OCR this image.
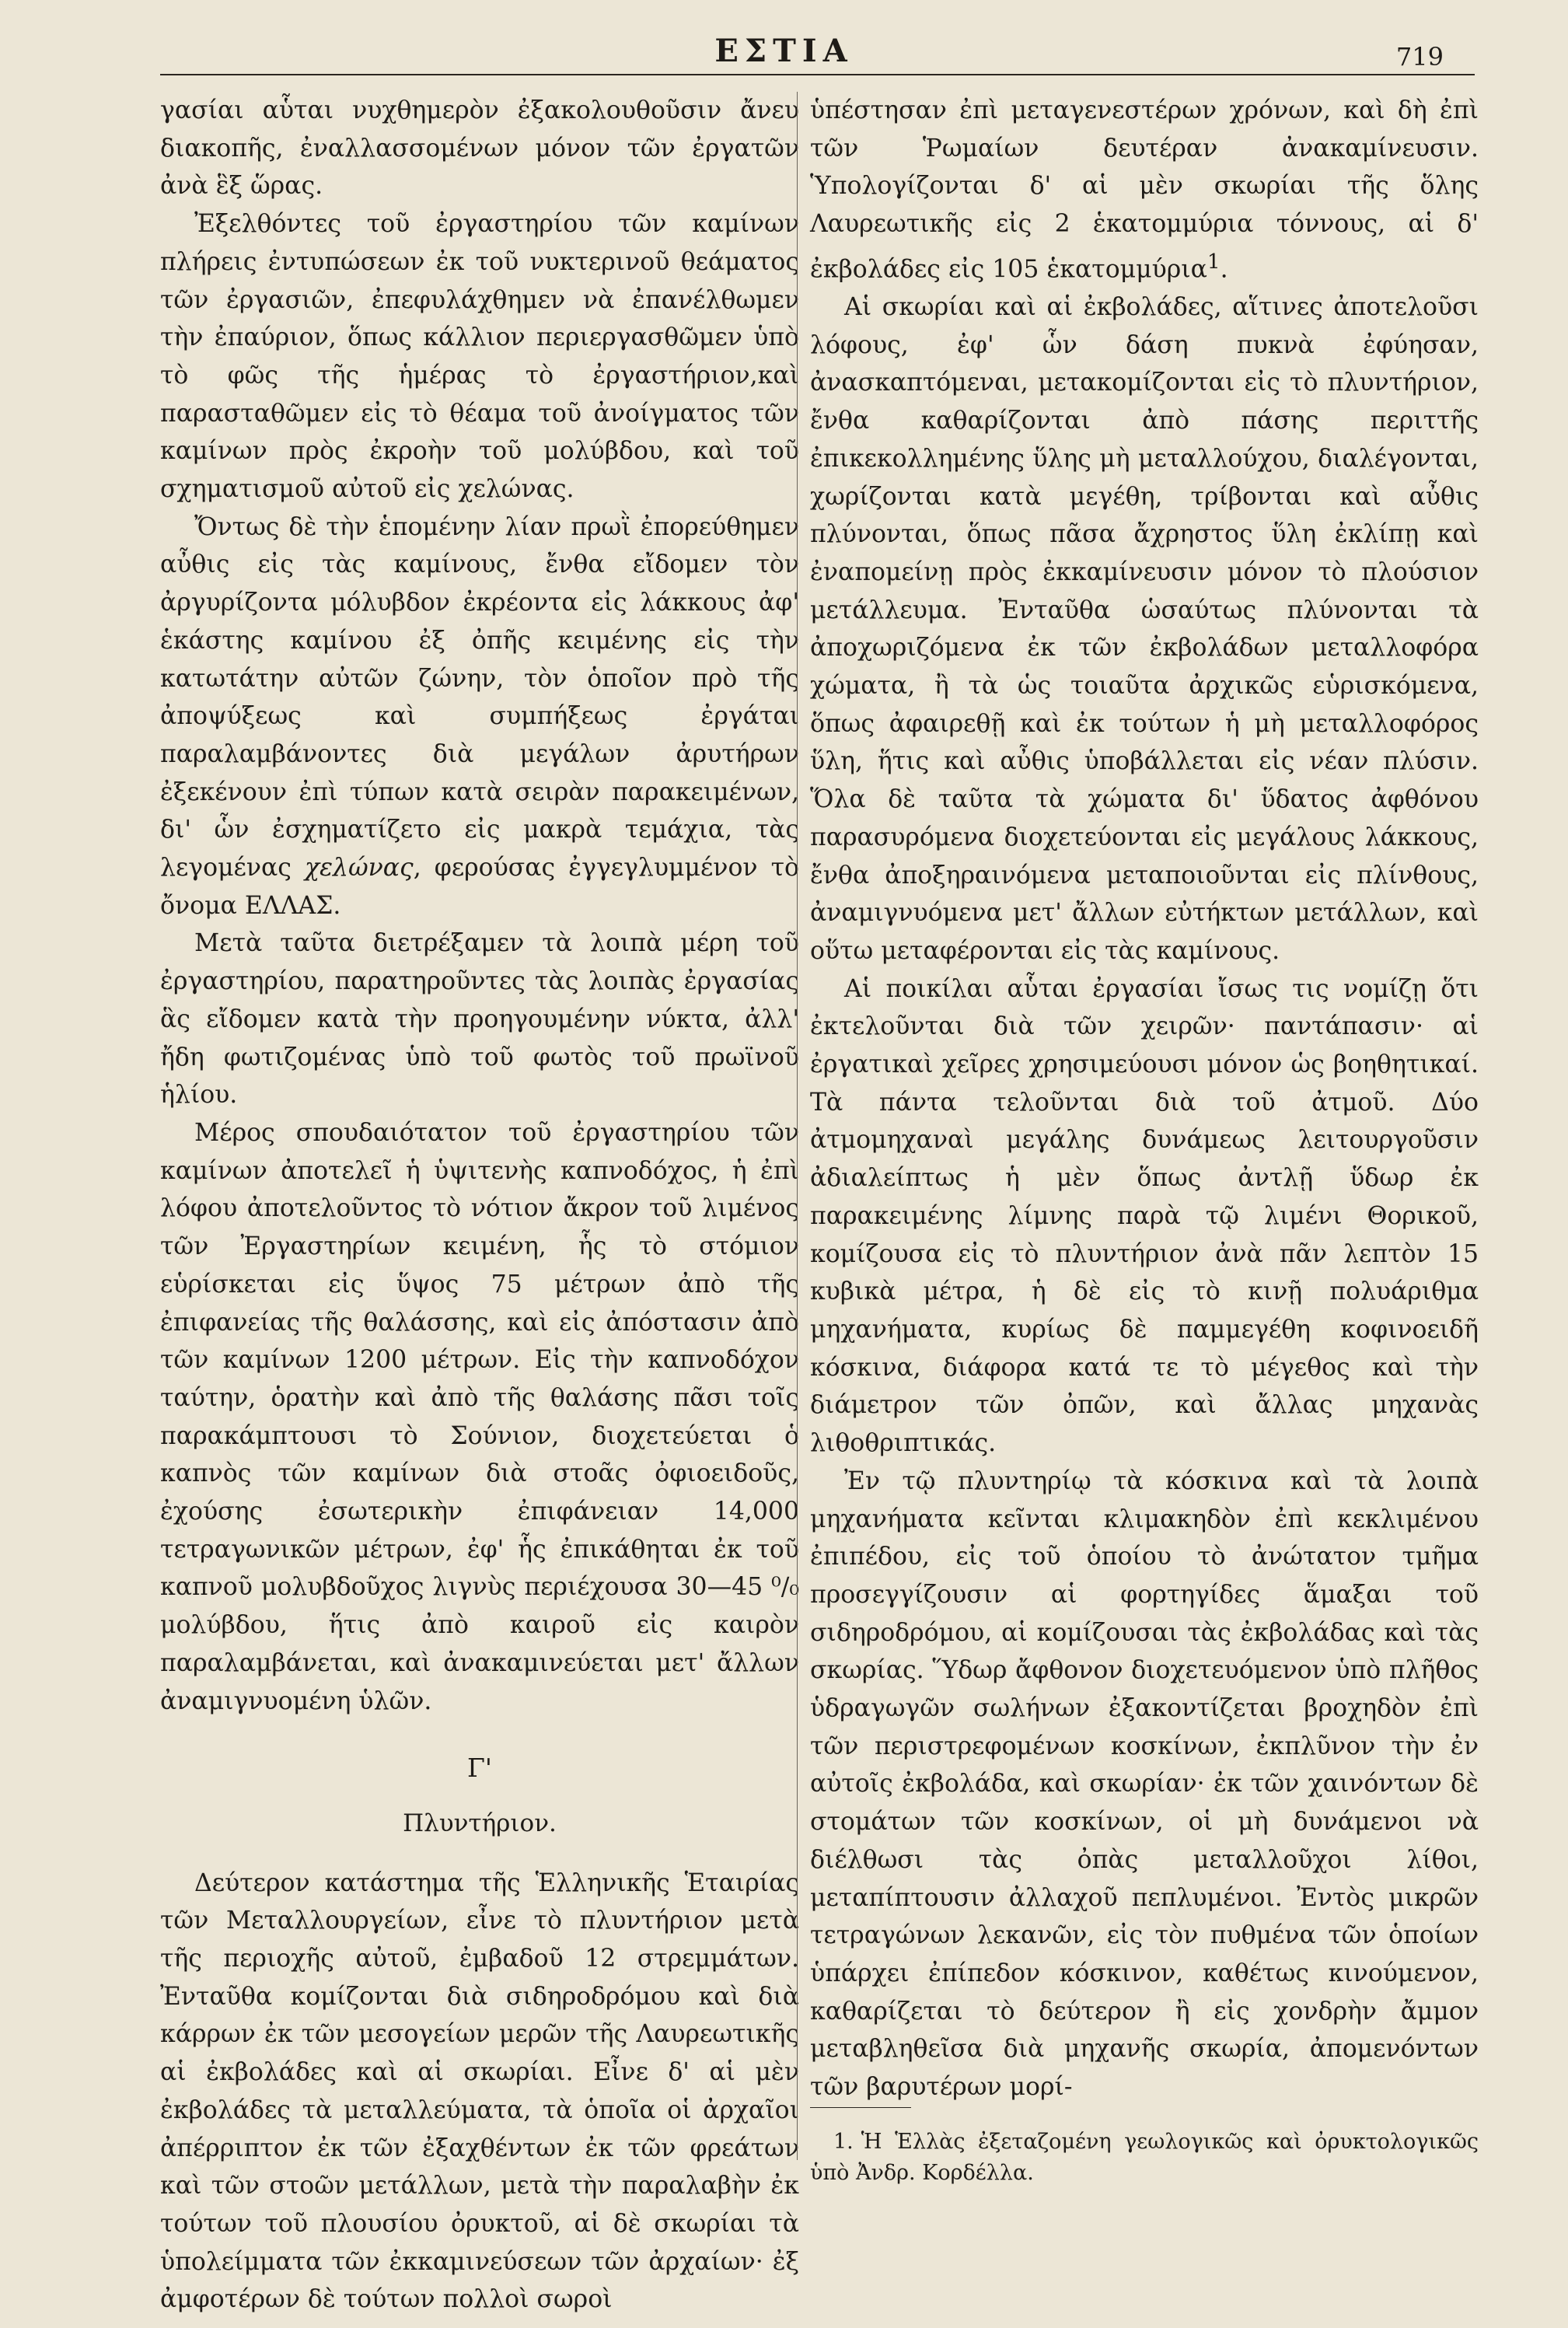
ΕΣΤΙΑ	719

γασίαι αὗται νυχθημερὸν ἐξακολουθοῦσιν ἄνευ διακοπῆς, ἐναλλασσομένων μόνον τῶν ἐργατῶν ἀνὰ ἓξ ὥρας.

Ἐξελθόντες τοῦ ἐργαστηρίου τῶν καμίνων πλήρεις ἐντυπώσεων ἐκ τοῦ νυκτερινοῦ θεάματος τῶν ἐργασιῶν, ἐπεφυλάχθημεν νὰ ἐπανέλθωμεν τὴν ἐπαύριον, ὅπως κάλλιον περιεργασθῶμεν ὑπὸ τὸ φῶς τῆς ἡμέρας τὸ ἐργαστήριον,καὶ παρασταθῶμεν εἰς τὸ θέαμα τοῦ ἀνοίγματος τῶν καμίνων πρὸς ἐκροὴν τοῦ μολύβδου, καὶ τοῦ σχηματισμοῦ αὐτοῦ εἰς χελώνας.

Ὄντως δὲ τὴν ἑπομένην λίαν πρωῒ ἐπορεύθημεν αὖθις εἰς τὰς καμίνους, ἔνθα εἴδομεν τὸν ἀργυρίζοντα μόλυβδον ἐκρέοντα εἰς λάκκους ἀφ' ἑκάστης καμίνου ἐξ ὀπῆς κειμένης εἰς τὴν κατωτάτην αὐτῶν ζώνην, τὸν ὁποῖον πρὸ τῆς ἀποψύξεως καὶ συμπήξεως ἐργάται παραλαμβάνοντες διὰ μεγάλων ἀρυτήρων ἐξεκένουν ἐπὶ τύπων κατὰ σειρὰν παρακειμένων, δι' ὧν ἐσχηματίζετο εἰς μακρὰ τεμάχια, τὰς λεγομένας χελώνας, φερούσας ἐγγεγλυμμένον τὸ ὄνομα ΕΛΛΑΣ.

Μετὰ ταῦτα διετρέξαμεν τὰ λοιπὰ μέρη τοῦ ἐργαστηρίου, παρατηροῦντες τὰς λοιπὰς ἐργασίας ἃς εἴδομεν κατὰ τὴν προηγουμένην νύκτα, ἀλλ' ἤδη φωτιζομένας ὑπὸ τοῦ φωτὸς τοῦ πρωϊνοῦ ἡλίου.

Μέρος σπουδαιότατον τοῦ ἐργαστηρίου τῶν καμίνων ἀποτελεῖ ἡ ὑψιτενὴς καπνοδόχος, ἡ ἐπὶ λόφου ἀποτελοῦντος τὸ νότιον ἄκρον τοῦ λιμένος τῶν Ἐργαστηρίων κειμένη, ἧς τὸ στόμιον εὑρίσκεται εἰς ὕψος 75 μέτρων ἀπὸ τῆς ἐπιφανείας τῆς θαλάσσης, καὶ εἰς ἀπόστασιν ἀπὸ τῶν καμίνων 1200 μέτρων. Εἰς τὴν καπνοδόχον ταύτην, ὁρατὴν καὶ ἀπὸ τῆς θαλάσης πᾶσι τοῖς παρακάμπτουσι τὸ Σούνιον, διοχετεύεται ὁ καπνὸς τῶν καμίνων διὰ στοᾶς ὀφιοειδοῦς, ἐχούσης ἐσωτερικὴν ἐπιφάνειαν 14,000 τετραγωνικῶν μέτρων, ἐφ' ἧς ἐπικάθηται ἐκ τοῦ καπνοῦ μολυβδοῦχος λιγνὺς περιέχουσα 30—45 ⁰/₀ μολύβδου, ἥτις ἀπὸ καιροῦ εἰς καιρὸν παραλαμβάνεται, καὶ ἀνακαμινεύεται μετ' ἄλλων ἀναμιγνυομένη ὑλῶν.

Γ'
Πλυντήριον.

Δεύτερον κατάστημα τῆς Ἑλληνικῆς Ἑταιρίας τῶν Μεταλλουργείων, εἶνε τὸ πλυντήριον μετὰ τῆς περιοχῆς αὐτοῦ, ἐμβαδοῦ 12 στρεμμάτων. Ἐνταῦθα κομίζονται διὰ σιδηροδρόμου καὶ διὰ κάρρων ἐκ τῶν μεσογείων μερῶν τῆς Λαυρεωτικῆς αἱ ἐκβολάδες καὶ αἱ σκωρίαι. Εἶνε δ' αἱ μὲν ἐκβολάδες τὰ μεταλλεύματα, τὰ ὁποῖα οἱ ἀρχαῖοι ἀπέρριπτον ἐκ τῶν ἐξαχθέντων ἐκ τῶν φρεάτων καὶ τῶν στοῶν μετάλλων, μετὰ τὴν παραλαβὴν ἐκ τούτων τοῦ πλουσίου ὀρυκτοῦ, αἱ δὲ σκωρίαι τὰ ὑπολείμματα τῶν ἐκκαμινεύσεων τῶν ἀρχαίων· ἐξ ἀμφοτέρων δὲ τούτων πολλοὶ σωροὶ

ὑπέστησαν ἐπὶ μεταγενεστέρων χρόνων, καὶ δὴ ἐπὶ τῶν Ῥωμαίων δευτέραν ἀνακαμίνευσιν. Ὑπολογίζονται δ' αἱ μὲν σκωρίαι τῆς ὅλης Λαυρεωτικῆς εἰς 2 ἑκατομμύρια τόννους, αἱ δ' ἐκβολάδες εἰς 105 ἑκατομμύρια$^1$.

Αἱ σκωρίαι καὶ αἱ ἐκβολάδες, αἵτινες ἀποτελοῦσι λόφους, ἐφ' ὧν δάση πυκνὰ ἐφύησαν, ἀνασκαπτόμεναι, μετακομίζονται εἰς τὸ πλυντήριον, ἔνθα καθαρίζονται ἀπὸ πάσης περιττῆς ἐπικεκολλημένης ὕλης μὴ μεταλλούχου, διαλέγονται, χωρίζονται κατὰ μεγέθη, τρίβονται καὶ αὖθις πλύνονται, ὅπως πᾶσα ἄχρηστος ὕλη ἐκλίπῃ καὶ ἐναπομείνῃ πρὸς ἐκκαμίνευσιν μόνον τὸ πλούσιον μετάλλευμα. Ἐνταῦθα ὡσαύτως πλύνονται τὰ ἀποχωριζόμενα ἐκ τῶν ἐκβολάδων μεταλλοφόρα χώματα, ἢ τὰ ὡς τοιαῦτα ἀρχικῶς εὑρισκόμενα, ὅπως ἀφαιρεθῇ καὶ ἐκ τούτων ἡ μὴ μεταλλοφόρος ὕλη, ἥτις καὶ αὖθις ὑποβάλλεται εἰς νέαν πλύσιν. Ὅλα δὲ ταῦτα τὰ χώματα δι' ὕδατος ἀφθόνου παρασυρόμενα διοχετεύονται εἰς μεγάλους λάκκους, ἔνθα ἀποξηραινόμενα μεταποιοῦνται εἰς πλίνθους, ἀναμιγνυόμενα μετ' ἄλλων εὐτήκτων μετάλλων, καὶ οὕτω μεταφέρονται εἰς τὰς καμίνους.

Αἱ ποικίλαι αὗται ἐργασίαι ἴσως τις νομίζῃ ὅτι ἐκτελοῦνται διὰ τῶν χειρῶν· παντάπασιν· αἱ ἐργατικαὶ χεῖρες χρησιμεύουσι μόνον ὡς βοηθητικαί. Τὰ πάντα τελοῦνται διὰ τοῦ ἀτμοῦ. Δύο ἀτμομηχαναὶ μεγάλης δυνάμεως λειτουργοῦσιν ἀδιαλείπτως ἡ μὲν ὅπως ἀντλῇ ὕδωρ ἐκ παρακειμένης λίμνης παρὰ τῷ λιμένι Θορικοῦ, κομίζουσα εἰς τὸ πλυντήριον ἀνὰ πᾶν λεπτὸν 15 κυβικὰ μέτρα, ἡ δὲ εἰς τὸ κινῇ πολυάριθμα μηχανήματα, κυρίως δὲ παμμεγέθη κοφινοειδῆ κόσκινα, διάφορα κατά τε τὸ μέγεθος καὶ τὴν διάμετρον τῶν ὀπῶν, καὶ ἄλλας μηχανὰς λιθοθριπτικάς.

Ἐν τῷ πλυντηρίῳ τὰ κόσκινα καὶ τὰ λοιπὰ μηχανήματα κεῖνται κλιμακηδὸν ἐπὶ κεκλιμένου ἐπιπέδου, εἰς τοῦ ὁποίου τὸ ἀνώτατον τμῆμα προσεγγίζουσιν αἱ φορτηγίδες ἅμαξαι τοῦ σιδηροδρόμου, αἱ κομίζουσαι τὰς ἐκβολάδας καὶ τὰς σκωρίας. Ὕδωρ ἄφθονον διοχετευόμενον ὑπὸ πλῆθος ὑδραγωγῶν σωλήνων ἐξακοντίζεται βροχηδὸν ἐπὶ τῶν περιστρεφομένων κοσκίνων, ἐκπλῦνον τὴν ἐν αὐτοῖς ἐκβολάδα, καὶ σκωρίαν· ἐκ τῶν χαινόντων δὲ στομάτων τῶν κοσκίνων, οἱ μὴ δυνάμενοι νὰ διέλθωσι τὰς ὀπὰς μεταλλοῦχοι λίθοι, μεταπίπτουσιν ἀλλαχοῦ πεπλυμένοι. Ἐντὸς μικρῶν τετραγώνων λεκανῶν, εἰς τὸν πυθμένα τῶν ὁποίων ὑπάρχει ἐπίπεδον κόσκινον, καθέτως κινούμενον, καθαρίζεται τὸ δεύτερον ἢ εἰς χονδρὴν ἄμμον μεταβληθεῖσα διὰ μηχανῆς σκωρία, ἀπομενόντων τῶν βαρυτέρων μορί-

1. Ἡ Ἑλλὰς ἐξεταζομένη γεωλογικῶς καὶ ὀρυκτολογικῶς ὑπὸ Ἀνδρ. Κορδέλλα.
